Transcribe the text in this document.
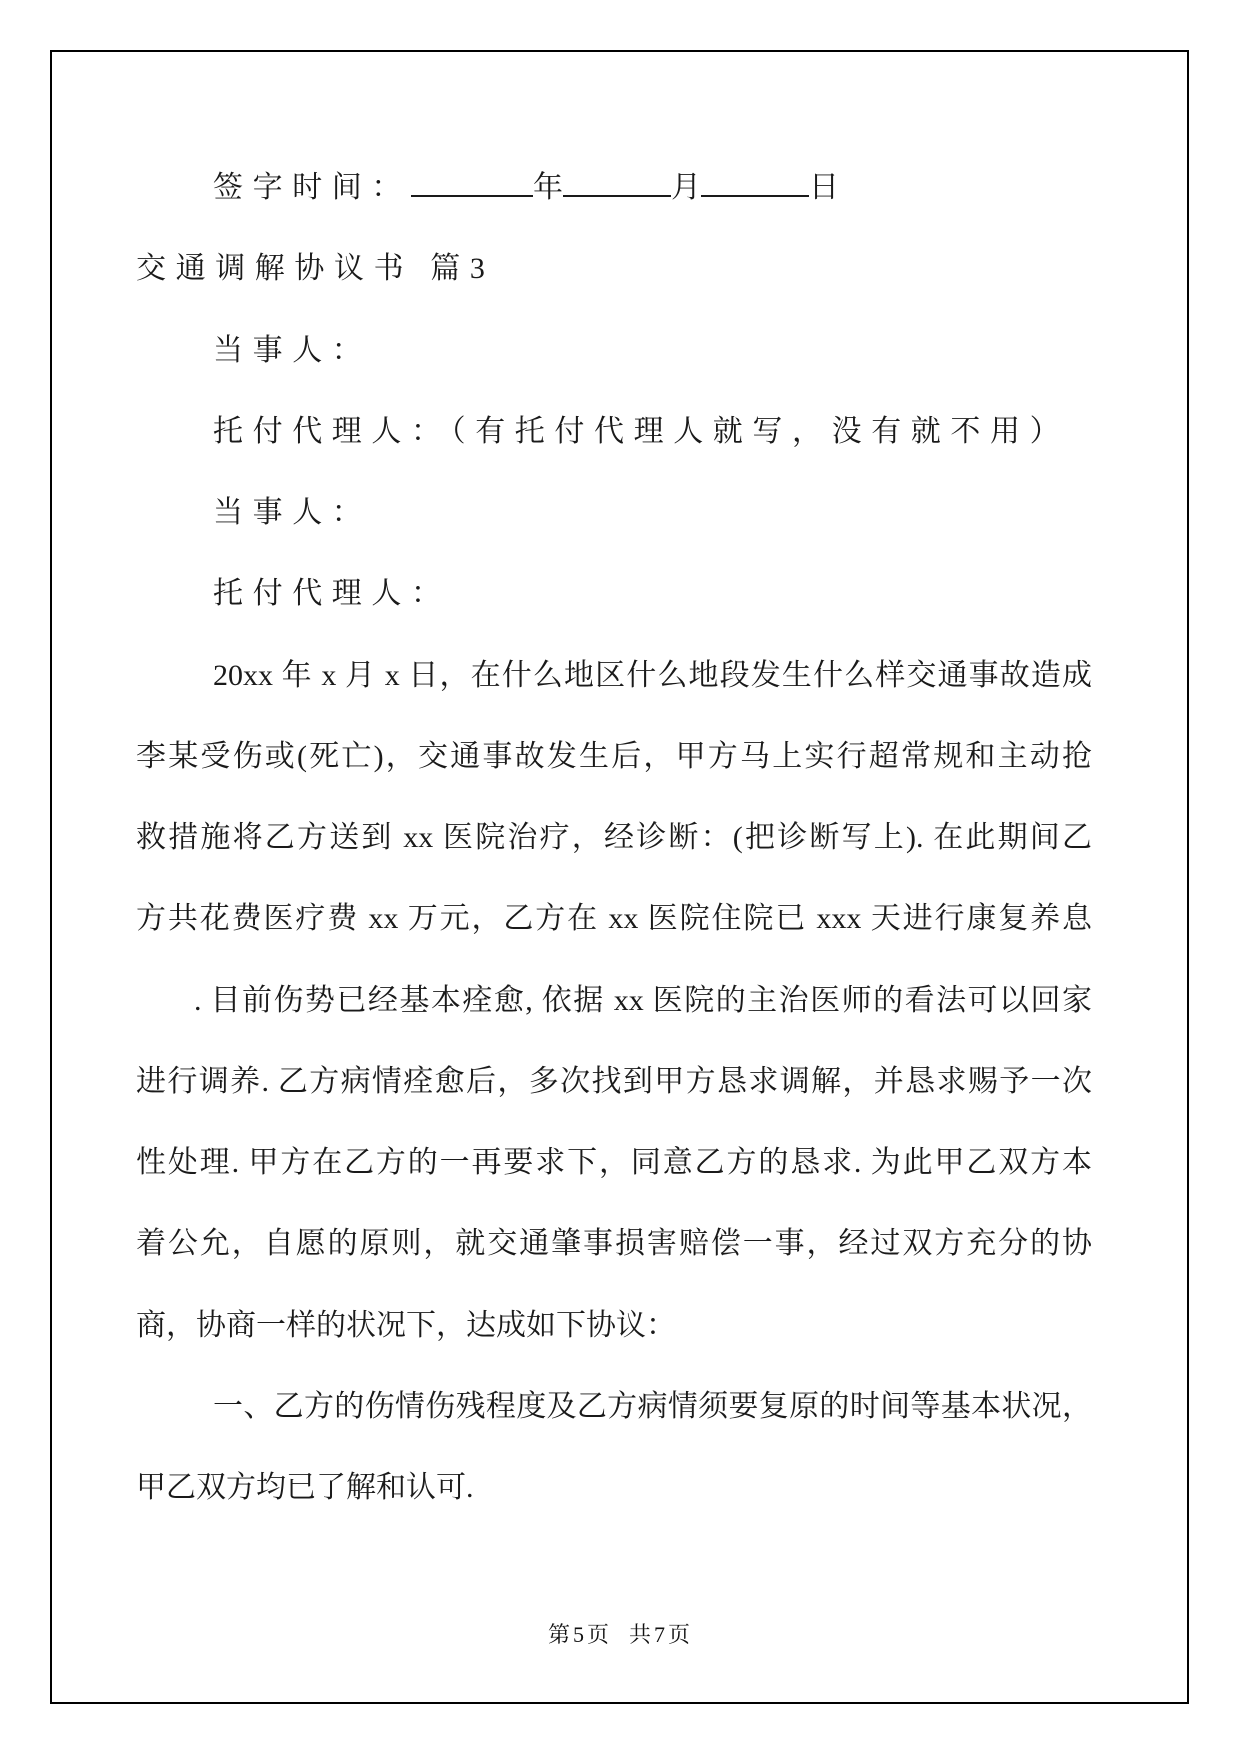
签字时间：	年	月	日
交通调解协议书 篇3
当事人：
托付代理人：（有托付代理人就写，没有就不用）
当事人：
托付代理人：
20xx 年 x 月 x 日，在什么地区什么地段发生什么样交通事故造成
李某受伤或(死亡)，交通事故发生后，甲方马上实行超常规和主动抢
救措施将乙方送到 xx 医院治疗，经诊断：(把诊断写上). 在此期间乙
方共花费医疗费 xx 万元，乙方在 xx 医院住院已 xxx 天进行康复养息
. 目前伤势已经基本痊愈, 依据 xx 医院的主治医师的看法可以回家
进行调养. 乙方病情痊愈后，多次找到甲方恳求调解，并恳求赐予一次
性处理. 甲方在乙方的一再要求下，同意乙方的恳求. 为此甲乙双方本
着公允，自愿的原则，就交通肇事损害赔偿一事，经过双方充分的协
商，协商一样的状况下，达成如下协议：
一、乙方的伤情伤残程度及乙方病情须要复原的时间等基本状况，
甲乙双方均已了解和认可.
第5页  共7页
